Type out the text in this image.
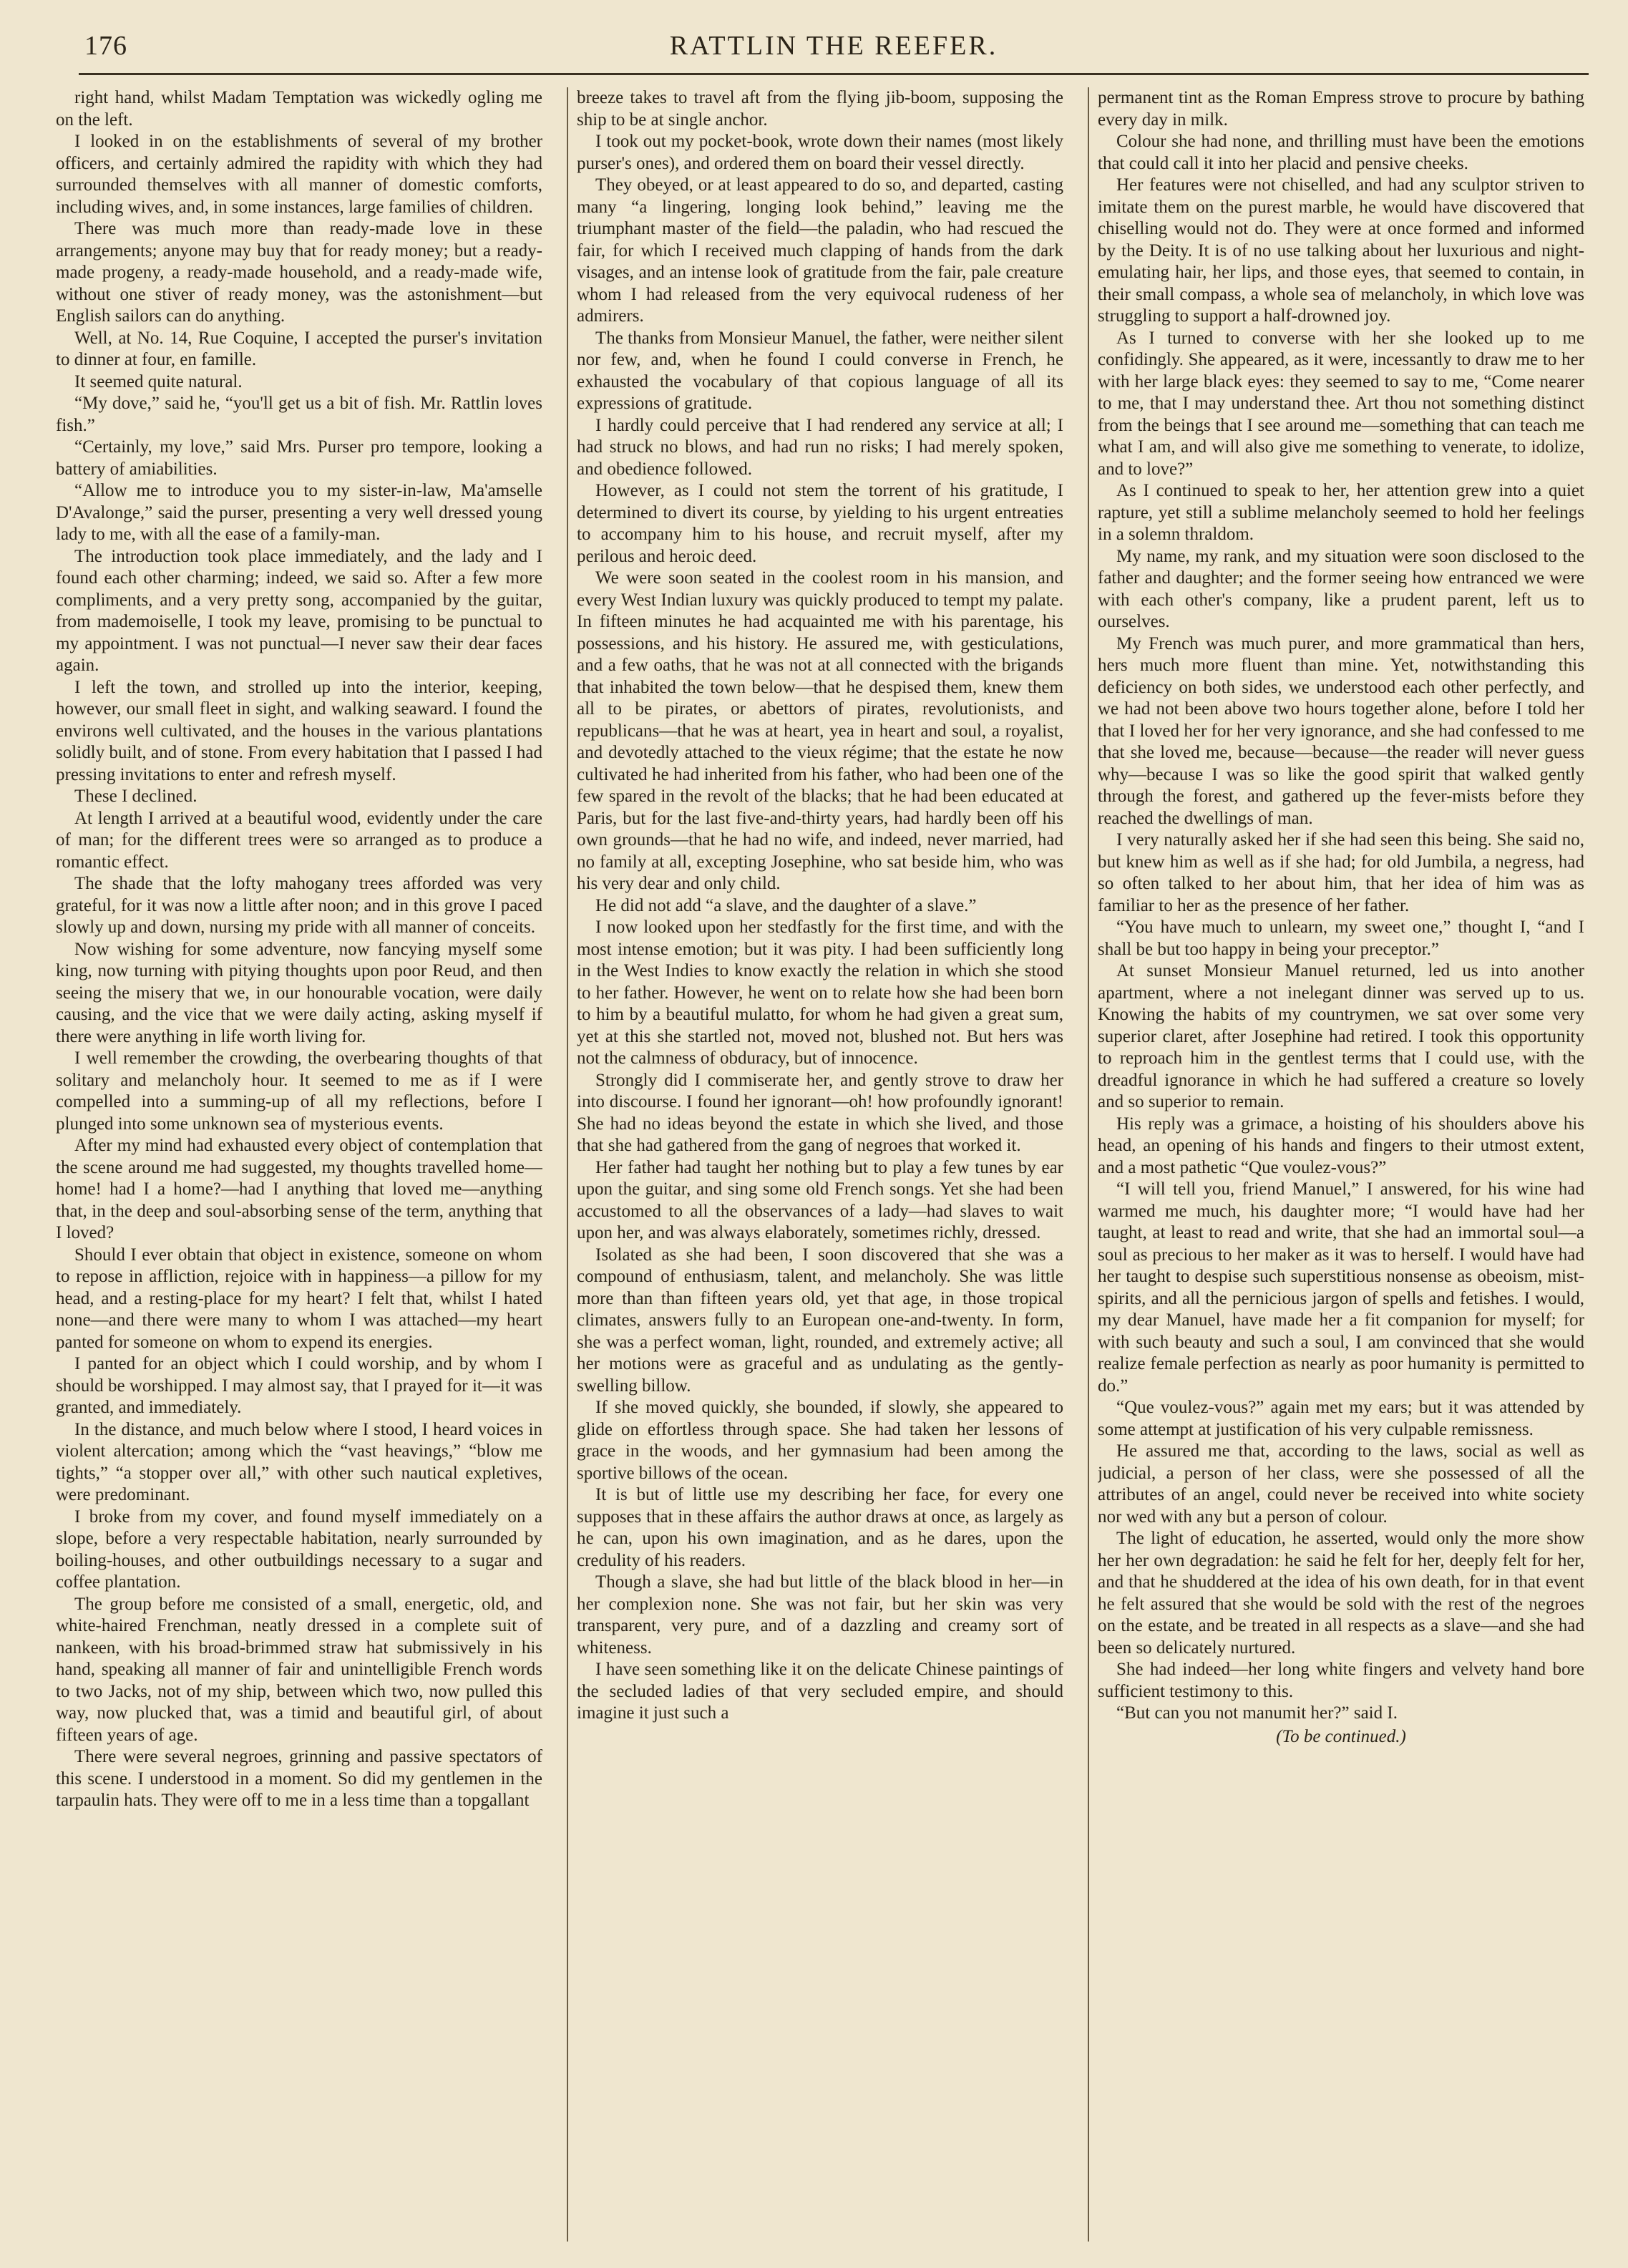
176	RATTLIN THE REEFER.

right hand, whilst Madam Temptation was wickedly ogling me on the left.

I looked in on the establishments of several of my brother officers, and certainly admired the rapidity with which they had surrounded themselves with all manner of domestic comforts, including wives, and, in some instances, large families of children.

There was much more than ready-made love in these arrangements; anyone may buy that for ready money; but a ready-made progeny, a ready-made household, and a ready-made wife, without one stiver of ready money, was the astonishment—but English sailors can do anything.

Well, at No. 14, Rue Coquine, I accepted the purser's invitation to dinner at four, en famille.

It seemed quite natural.

“My dove,” said he, “you'll get us a bit of fish. Mr. Rattlin loves fish.”

“Certainly, my love,” said Mrs. Purser pro tempore, looking a battery of amiabilities.

“Allow me to introduce you to my sister-in-law, Ma'amselle D'Avalonge,” said the purser, presenting a very well dressed young lady to me, with all the ease of a family-man.

The introduction took place immediately, and the lady and I found each other charming; indeed, we said so. After a few more compliments, and a very pretty song, accompanied by the guitar, from mademoiselle, I took my leave, promising to be punctual to my appointment. I was not punctual—I never saw their dear faces again.

I left the town, and strolled up into the interior, keeping, however, our small fleet in sight, and walking seaward. I found the environs well cultivated, and the houses in the various plantations solidly built, and of stone. From every habitation that I passed I had pressing invitations to enter and refresh myself.

These I declined.

At length I arrived at a beautiful wood, evidently under the care of man; for the different trees were so arranged as to produce a romantic effect.

The shade that the lofty mahogany trees afforded was very grateful, for it was now a little after noon; and in this grove I paced slowly up and down, nursing my pride with all manner of conceits.

Now wishing for some adventure, now fancying myself some king, now turning with pitying thoughts upon poor Reud, and then seeing the misery that we, in our honourable vocation, were daily causing, and the vice that we were daily acting, asking myself if there were anything in life worth living for.

I well remember the crowding, the overbearing thoughts of that solitary and melancholy hour. It seemed to me as if I were compelled into a summing-up of all my reflections, before I plunged into some unknown sea of mysterious events.

After my mind had exhausted every object of contemplation that the scene around me had suggested, my thoughts travelled home—home! had I a home?—had I anything that loved me—anything that, in the deep and soul-absorbing sense of the term, anything that I loved?

Should I ever obtain that object in existence, someone on whom to repose in affliction, rejoice with in happiness—a pillow for my head, and a resting-place for my heart? I felt that, whilst I hated none—and there were many to whom I was attached—my heart panted for someone on whom to expend its energies.

I panted for an object which I could worship, and by whom I should be worshipped. I may almost say, that I prayed for it—it was granted, and immediately.

In the distance, and much below where I stood, I heard voices in violent altercation; among which the “vast heavings,” “blow me tights,” “a stopper over all,” with other such nautical expletives, were predominant.

I broke from my cover, and found myself immediately on a slope, before a very respectable habitation, nearly surrounded by boiling-houses, and other outbuildings necessary to a sugar and coffee plantation.

The group before me consisted of a small, energetic, old, and white-haired Frenchman, neatly dressed in a complete suit of nankeen, with his broad-brimmed straw hat submissively in his hand, speaking all manner of fair and unintelligible French words to two Jacks, not of my ship, between which two, now pulled this way, now plucked that, was a timid and beautiful girl, of about fifteen years of age.

There were several negroes, grinning and passive spectators of this scene. I understood in a moment. So did my gentlemen in the tarpaulin hats. They were off to me in a less time than a topgallant

breeze takes to travel aft from the flying jib-boom, supposing the ship to be at single anchor.

I took out my pocket-book, wrote down their names (most likely purser's ones), and ordered them on board their vessel directly.

They obeyed, or at least appeared to do so, and departed, casting many “a lingering, longing look behind,” leaving me the triumphant master of the field—the paladin, who had rescued the fair, for which I received much clapping of hands from the dark visages, and an intense look of gratitude from the fair, pale creature whom I had released from the very equivocal rudeness of her admirers.

The thanks from Monsieur Manuel, the father, were neither silent nor few, and, when he found I could converse in French, he exhausted the vocabulary of that copious language of all its expressions of gratitude.

I hardly could perceive that I had rendered any service at all; I had struck no blows, and had run no risks; I had merely spoken, and obedience followed.

However, as I could not stem the torrent of his gratitude, I determined to divert its course, by yielding to his urgent entreaties to accompany him to his house, and recruit myself, after my perilous and heroic deed.

We were soon seated in the coolest room in his mansion, and every West Indian luxury was quickly produced to tempt my palate. In fifteen minutes he had acquainted me with his parentage, his possessions, and his history. He assured me, with gesticulations, and a few oaths, that he was not at all connected with the brigands that inhabited the town below—that he despised them, knew them all to be pirates, or abettors of pirates, revolutionists, and republicans—that he was at heart, yea in heart and soul, a royalist, and devotedly attached to the vieux régime; that the estate he now cultivated he had inherited from his father, who had been one of the few spared in the revolt of the blacks; that he had been educated at Paris, but for the last five-and-thirty years, had hardly been off his own grounds—that he had no wife, and indeed, never married, had no family at all, excepting Josephine, who sat beside him, who was his very dear and only child.

He did not add “a slave, and the daughter of a slave.”

I now looked upon her stedfastly for the first time, and with the most intense emotion; but it was pity. I had been sufficiently long in the West Indies to know exactly the relation in which she stood to her father. However, he went on to relate how she had been born to him by a beautiful mulatto, for whom he had given a great sum, yet at this she startled not, moved not, blushed not. But hers was not the calmness of obduracy, but of innocence.

Strongly did I commiserate her, and gently strove to draw her into discourse. I found her ignorant—oh! how profoundly ignorant! She had no ideas beyond the estate in which she lived, and those that she had gathered from the gang of negroes that worked it.

Her father had taught her nothing but to play a few tunes by ear upon the guitar, and sing some old French songs. Yet she had been accustomed to all the observances of a lady—had slaves to wait upon her, and was always elaborately, sometimes richly, dressed.

Isolated as she had been, I soon discovered that she was a compound of enthusiasm, talent, and melancholy. She was little more than than fifteen years old, yet that age, in those tropical climates, answers fully to an European one-and-twenty. In form, she was a perfect woman, light, rounded, and extremely active; all her motions were as graceful and as undulating as the gently-swelling billow.

If she moved quickly, she bounded, if slowly, she appeared to glide on effortless through space. She had taken her lessons of grace in the woods, and her gymnasium had been among the sportive billows of the ocean.

It is but of little use my describing her face, for every one supposes that in these affairs the author draws at once, as largely as he can, upon his own imagination, and as he dares, upon the credulity of his readers.

Though a slave, she had but little of the black blood in her—in her complexion none. She was not fair, but her skin was very transparent, very pure, and of a dazzling and creamy sort of whiteness.

I have seen something like it on the delicate Chinese paintings of the secluded ladies of that very secluded empire, and should imagine it just such a

permanent tint as the Roman Empress strove to procure by bathing every day in milk.

Colour she had none, and thrilling must have been the emotions that could call it into her placid and pensive cheeks.

Her features were not chiselled, and had any sculptor striven to imitate them on the purest marble, he would have discovered that chiselling would not do. They were at once formed and informed by the Deity. It is of no use talking about her luxurious and night-emulating hair, her lips, and those eyes, that seemed to contain, in their small compass, a whole sea of melancholy, in which love was struggling to support a half-drowned joy.

As I turned to converse with her she looked up to me confidingly. She appeared, as it were, incessantly to draw me to her with her large black eyes: they seemed to say to me, “Come nearer to me, that I may understand thee. Art thou not something distinct from the beings that I see around me—something that can teach me what I am, and will also give me something to venerate, to idolize, and to love?”

As I continued to speak to her, her attention grew into a quiet rapture, yet still a sublime melancholy seemed to hold her feelings in a solemn thraldom.

My name, my rank, and my situation were soon disclosed to the father and daughter; and the former seeing how entranced we were with each other's company, like a prudent parent, left us to ourselves.

My French was much purer, and more grammatical than hers, hers much more fluent than mine. Yet, notwithstanding this deficiency on both sides, we understood each other perfectly, and we had not been above two hours together alone, before I told her that I loved her for her very ignorance, and she had confessed to me that she loved me, because—because—the reader will never guess why—because I was so like the good spirit that walked gently through the forest, and gathered up the fever-mists before they reached the dwellings of man.

I very naturally asked her if she had seen this being. She said no, but knew him as well as if she had; for old Jumbila, a negress, had so often talked to her about him, that her idea of him was as familiar to her as the presence of her father.

“You have much to unlearn, my sweet one,” thought I, “and I shall be but too happy in being your preceptor.”

At sunset Monsieur Manuel returned, led us into another apartment, where a not inelegant dinner was served up to us. Knowing the habits of my countrymen, we sat over some very superior claret, after Josephine had retired. I took this opportunity to reproach him in the gentlest terms that I could use, with the dreadful ignorance in which he had suffered a creature so lovely and so superior to remain.

His reply was a grimace, a hoisting of his shoulders above his head, an opening of his hands and fingers to their utmost extent, and a most pathetic “Que voulez-vous?”

“I will tell you, friend Manuel,” I answered, for his wine had warmed me much, his daughter more; “I would have had her taught, at least to read and write, that she had an immortal soul—a soul as precious to her maker as it was to herself. I would have had her taught to despise such superstitious nonsense as obeoism, mist-spirits, and all the pernicious jargon of spells and fetishes. I would, my dear Manuel, have made her a fit companion for myself; for with such beauty and such a soul, I am convinced that she would realize female perfection as nearly as poor humanity is permitted to do.”

“Que voulez-vous?” again met my ears; but it was attended by some attempt at justification of his very culpable remissness.

He assured me that, according to the laws, social as well as judicial, a person of her class, were she possessed of all the attributes of an angel, could never be received into white society nor wed with any but a person of colour.

The light of education, he asserted, would only the more show her her own degradation: he said he felt for her, deeply felt for her, and that he shuddered at the idea of his own death, for in that event he felt assured that she would be sold with the rest of the negroes on the estate, and be treated in all respects as a slave—and she had been so delicately nurtured.

She had indeed—her long white fingers and velvety hand bore sufficient testimony to this.

“But can you not manumit her?” said I.

(To be continued.)
